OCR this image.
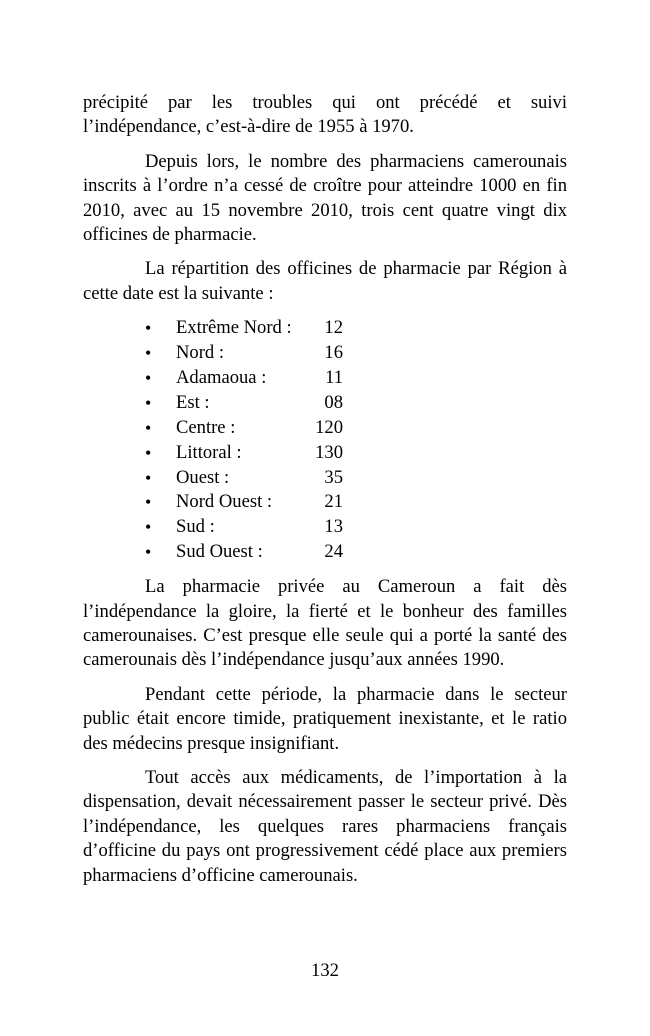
précipité par les troubles qui ont précédé et suivi l’indépendance, c’est-à-dire de 1955 à 1970.

Depuis lors, le nombre des pharmaciens camerounais inscrits à l’ordre n’a cessé de croître pour atteindre 1000 en fin 2010, avec au 15 novembre 2010, trois cent quatre vingt dix officines de pharmacie.

La répartition des officines de pharmacie par Région à cette date est la suivante :

• Extrême Nord :	12
• Nord :	16
• Adamaoua :	11
• Est :	08
• Centre :	120
• Littoral :	130
• Ouest :	35
• Nord Ouest :	21
• Sud :	13
• Sud Ouest :	24

La pharmacie privée au Cameroun a fait dès l’indépendance la gloire, la fierté et le bonheur des familles camerounaises. C’est presque elle seule qui a porté la santé des camerounais dès l’indépendance jusqu’aux années 1990.

Pendant cette période, la pharmacie dans le secteur public était encore timide, pratiquement inexistante, et le ratio des médecins presque insignifiant.

Tout accès aux médicaments, de l’importation à la dispensation, devait nécessairement passer le secteur privé. Dès l’indépendance, les quelques rares pharmaciens français d’officine du pays ont progressivement cédé place aux premiers pharmaciens d’officine camerounais.

132
